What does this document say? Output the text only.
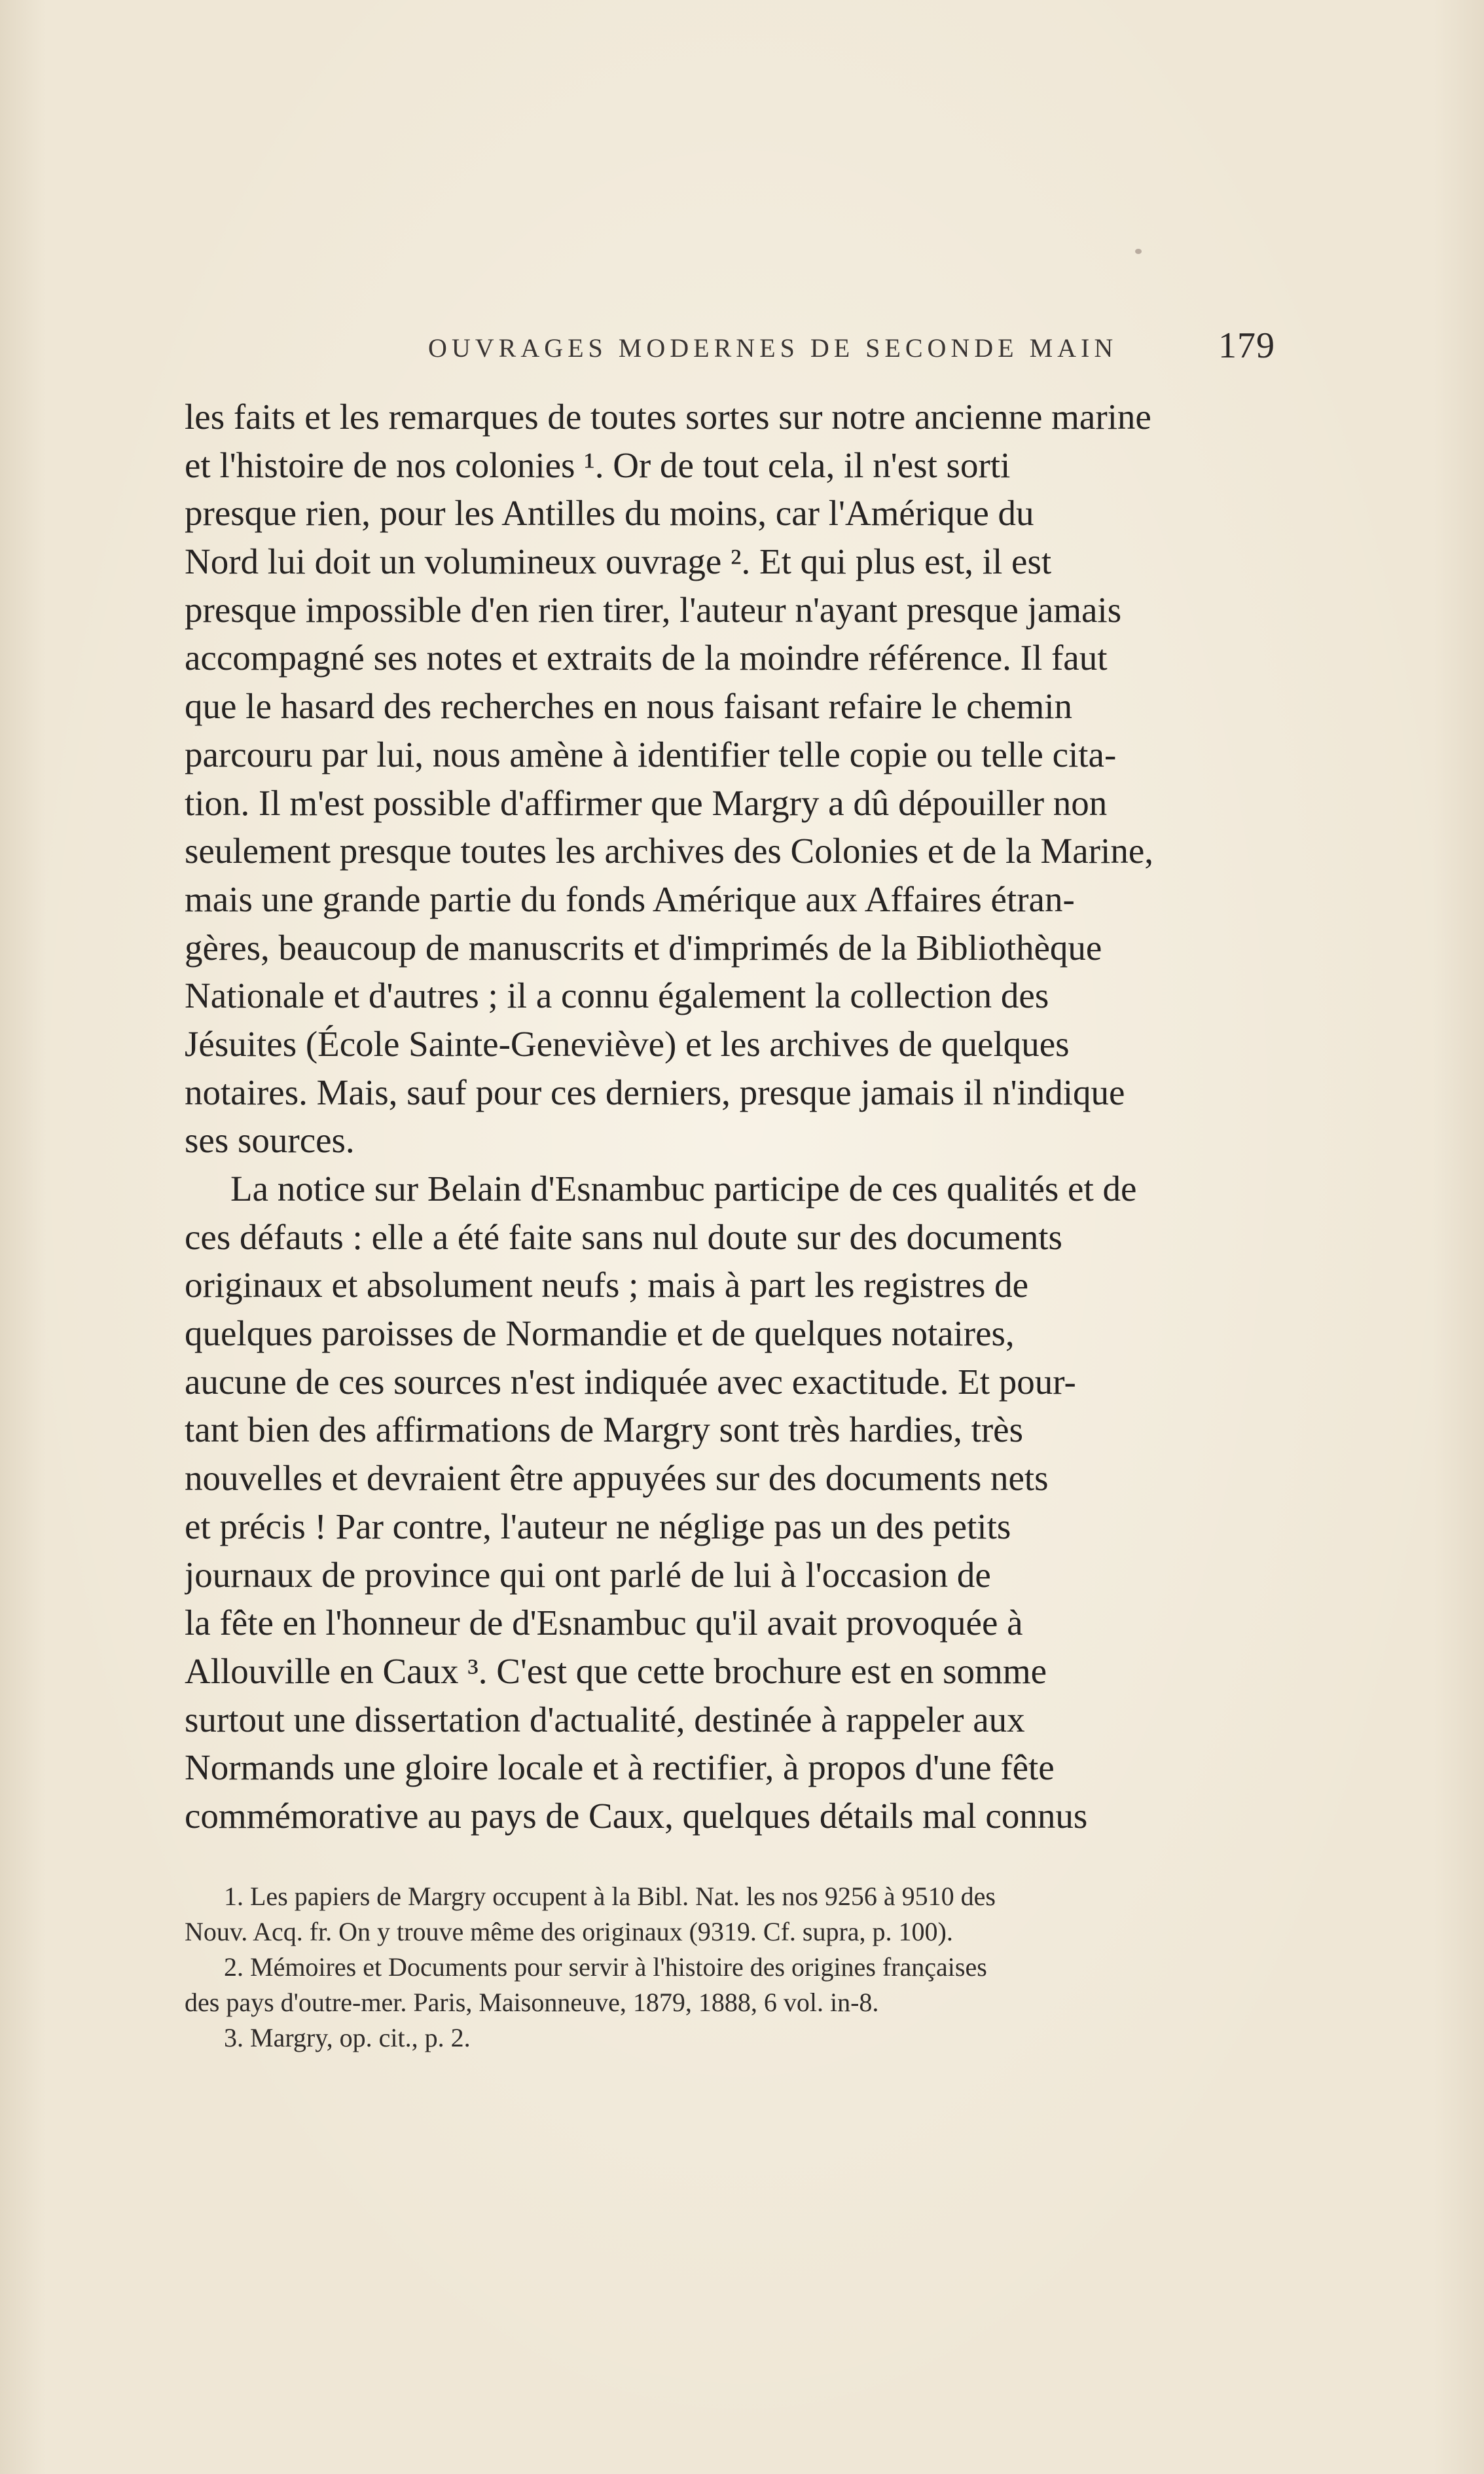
OUVRAGES MODERNES DE SECONDE MAIN	179
les faits et les remarques de toutes sortes sur notre ancienne marine
et l'histoire de nos colonies ¹. Or de tout cela, il n'est sorti
presque rien, pour les Antilles du moins, car l'Amérique du
Nord lui doit un volumineux ouvrage ². Et qui plus est, il est
presque impossible d'en rien tirer, l'auteur n'ayant presque jamais
accompagné ses notes et extraits de la moindre référence. Il faut
que le hasard des recherches en nous faisant refaire le chemin
parcouru par lui, nous amène à identifier telle copie ou telle cita-
tion. Il m'est possible d'affirmer que Margry a dû dépouiller non
seulement presque toutes les archives des Colonies et de la Marine,
mais une grande partie du fonds Amérique aux Affaires étran-
gères, beaucoup de manuscrits et d'imprimés de la Bibliothèque
Nationale et d'autres ; il a connu également la collection des
Jésuites (École Sainte-Geneviève) et les archives de quelques
notaires. Mais, sauf pour ces derniers, presque jamais il n'indique
ses sources.
La notice sur Belain d'Esnambuc participe de ces qualités et de
ces défauts : elle a été faite sans nul doute sur des documents
originaux et absolument neufs ; mais à part les registres de
quelques paroisses de Normandie et de quelques notaires,
aucune de ces sources n'est indiquée avec exactitude. Et pour-
tant bien des affirmations de Margry sont très hardies, très
nouvelles et devraient être appuyées sur des documents nets
et précis ! Par contre, l'auteur ne néglige pas un des petits
journaux de province qui ont parlé de lui à l'occasion de
la fête en l'honneur de d'Esnambuc qu'il avait provoquée à
Allouville en Caux ³. C'est que cette brochure est en somme
surtout une dissertation d'actualité, destinée à rappeler aux
Normands une gloire locale et à rectifier, à propos d'une fête
commémorative au pays de Caux, quelques détails mal connus
1. Les papiers de Margry occupent à la Bibl. Nat. les nos 9256 à 9510 des
Nouv. Acq. fr. On y trouve même des originaux (9319. Cf. supra, p. 100).
2. Mémoires et Documents pour servir à l'histoire des origines françaises
des pays d'outre-mer. Paris, Maisonneuve, 1879, 1888, 6 vol. in-8.
3. Margry, op. cit., p. 2.
